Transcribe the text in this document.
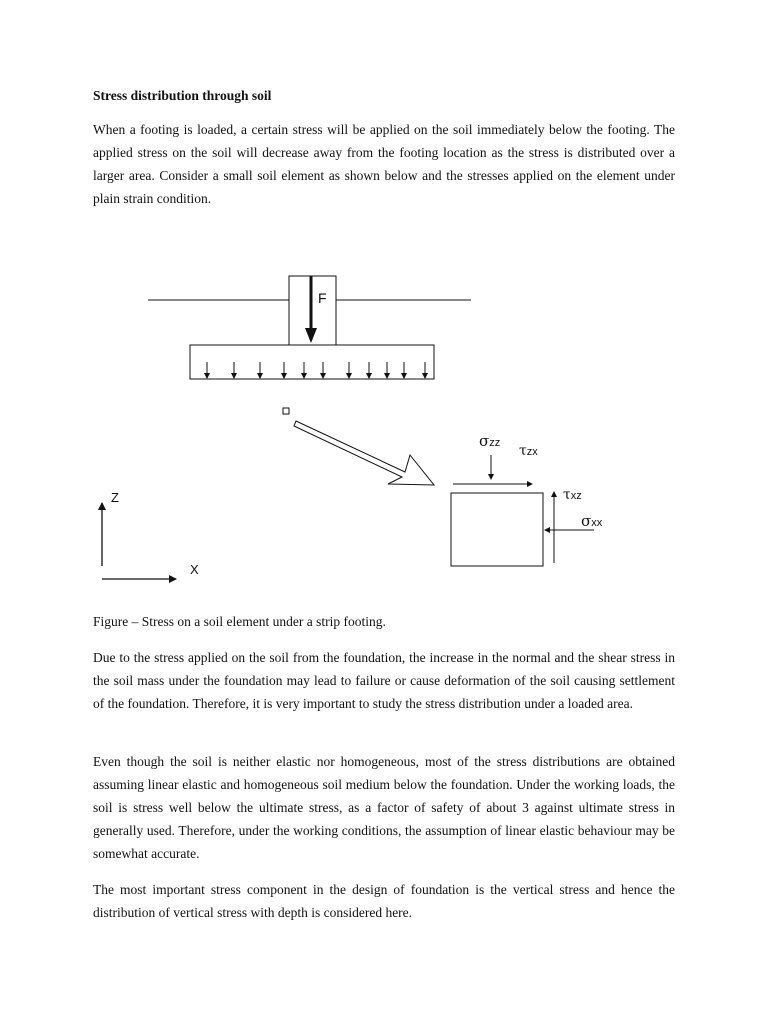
Stress distribution through soil

When a footing is loaded, a certain stress will be applied on the soil immediately below the footing. The applied stress on the soil will decrease away from the footing location as the stress is distributed over a larger area. Consider a small soil element as shown below and the stresses applied on the element under plain strain condition.

F
Z
X
σzz τzx
τxz
σxx
Figure – Stress on a soil element under a strip footing.

Due to the stress applied on the soil from the foundation, the increase in the normal and the shear stress in the soil mass under the foundation may lead to failure or cause deformation of the soil causing settlement of the foundation. Therefore, it is very important to study the stress distribution under a loaded area.

Even though the soil is neither elastic nor homogeneous, most of the stress distributions are obtained assuming linear elastic and homogeneous soil medium below the foundation. Under the working loads, the soil is stress well below the ultimate stress, as a factor of safety of about 3 against ultimate stress in generally used. Therefore, under the working conditions, the assumption of linear elastic behaviour may be somewhat accurate.

The most important stress component in the design of foundation is the vertical stress and hence the distribution of vertical stress with depth is considered here.
